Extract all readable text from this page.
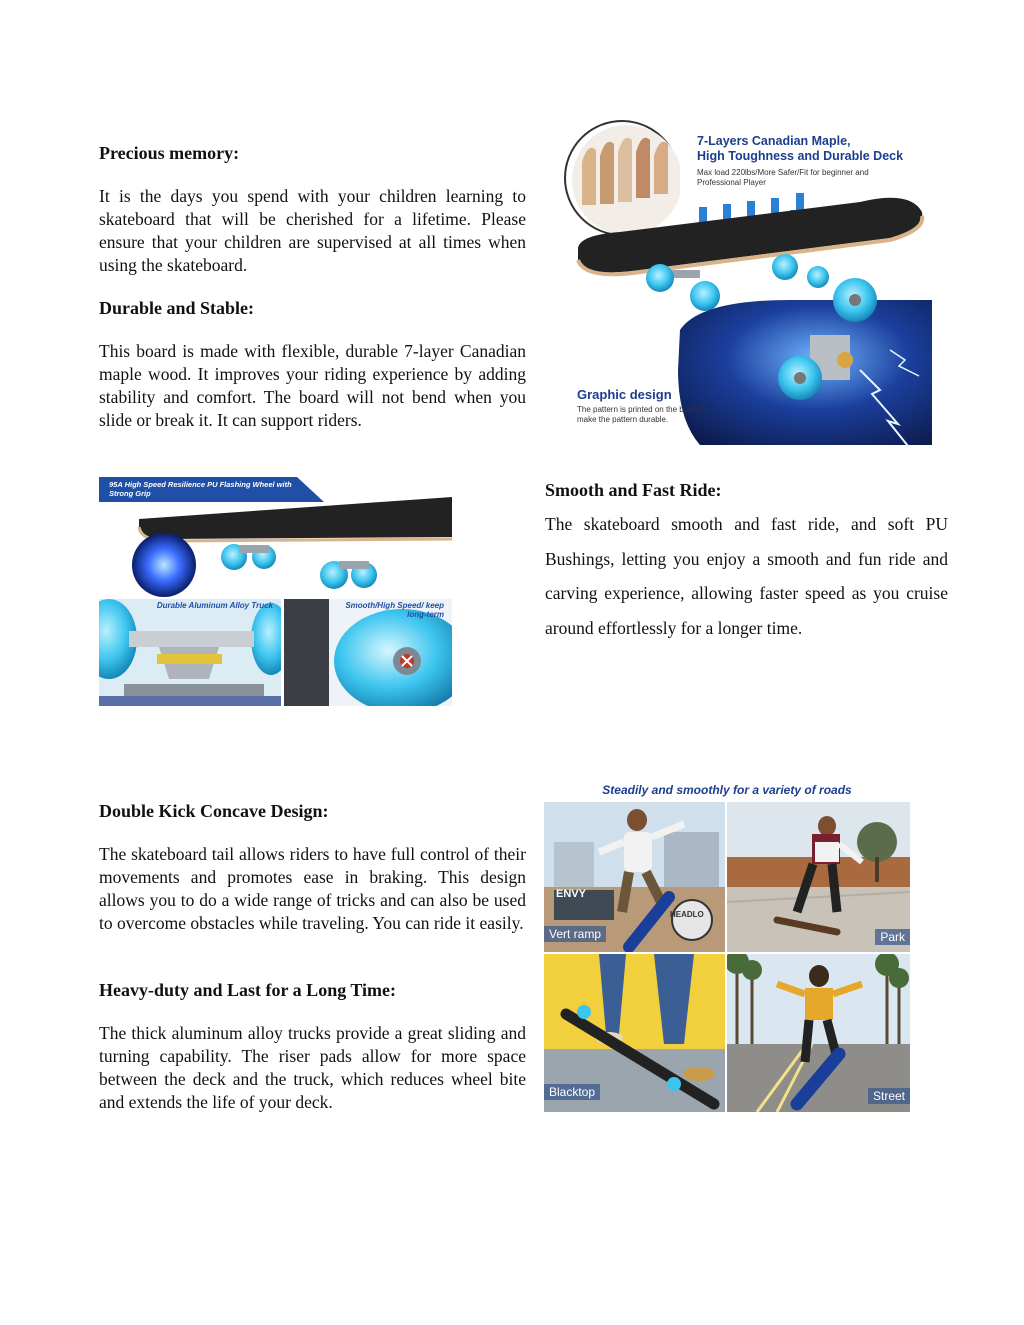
Precious memory:

It is the days you spend with your children learning to skateboard that will be cherished for a lifetime. Please ensure that your children are supervised at all times when using the skateboard.

Durable and Stable:

This board is made with flexible, durable 7-layer Canadian maple wood. It improves your riding experience by adding stability and comfort. The board will not bend when you slide or break it. It can support riders.

7-Layers Canadian Maple,
High Toughness and Durable Deck
Max load 220lbs/More Safer/Fit for beginner and Professional Player
Graphic design
The pattern is printed on the board to make the pattern durable.
95A High Speed Resilience PU Flashing Wheel with Strong Grip
Durable Aluminum Alloy Truck	Smooth/High Speed/ keep long-term
Smooth and Fast Ride:

The skateboard smooth and fast ride, and soft PU Bushings, letting you enjoy a smooth and fun ride and carving experience, allowing faster speed as you cruise around effortlessly for a longer time.

Double Kick Concave Design:

The skateboard tail allows riders to have full control of their movements and promotes ease in braking. This design allows you to do a wide range of tricks and can also be used to overcome obstacles while traveling. You can ride it easily.

Heavy-duty and Last for a Long Time:

The thick aluminum alloy trucks provide a great sliding and turning capability. The riser pads allow for more space between the deck and the truck, which reduces wheel bite and extends the life of your deck.

Steadily and smoothly for a variety of roads
ENVY
HEADLO
Vert ramp	Park
Blacktop	Street
